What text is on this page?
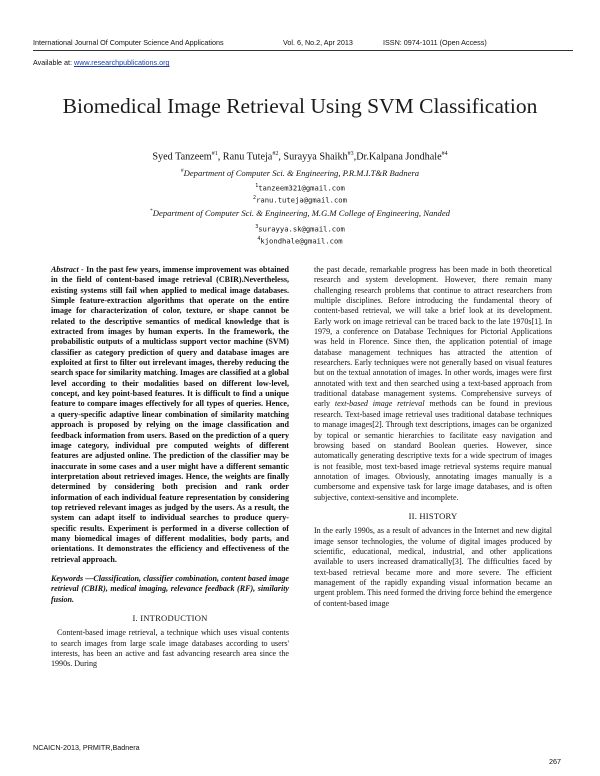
International Journal Of Computer Science And Applications	Vol. 6, No.2, Apr 2013	ISSN: 0974-1011 (Open Access)
Available at: www.researchpublications.org
Biomedical Image Retrieval Using SVM Classification
Syed Tanzeem$^{\#1}$, Ranu Tuteja$^{\#2}$, Surayya Shaikh$^{\#3}$,Dr.Kalpana Jondhale$^{\#4}$
#Department of Computer Sci. & Engineering, P.R.M.I.T&R Badnera
$^1$tanzeem321@gmail.com
$^2$ranu.tuteja@gmail.com
*Department of Computer Sci. & Engineering, M.G.M College of Engineering, Nanded
$^3$surayya.sk@gmail.com
$^4$kjondhale@gmail.com

Abstract - In the past few years, immense improvement was obtained in the field of content-based image retrieval (CBIR).Nevertheless, existing systems still fail when applied to medical image databases. Simple feature-extraction algorithms that operate on the entire image for characterization of color, texture, or shape cannot be related to the descriptive semantics of medical knowledge that is extracted from images by human experts. In the framework, the probabilistic outputs of a multiclass support vector machine (SVM) classifier as category prediction of query and database images are exploited at first to filter out irrelevant images, thereby reducing the search space for similarity matching. Images are classified at a global level according to their modalities based on different low-level, concept, and key point-based features. It is difficult to find a unique feature to compare images effectively for all types of queries. Hence, a query-specific adaptive linear combination of similarity matching approach is proposed by relying on the image classification and feedback information from users. Based on the prediction of a query image category, individual pre computed weights of different features are adjusted online. The prediction of the classifier may be inaccurate in some cases and a user might have a different semantic interpretation about retrieved images. Hence, the weights are finally determined by considering both precision and rank order information of each individual feature representation by considering top retrieved relevant images as judged by the users. As a result, the system can adapt itself to individual searches to produce query-specific results. Experiment is performed in a diverse collection of many biomedical images of different modalities, body parts, and orientations. It demonstrates the efficiency and effectiveness of the retrieval approach.

Keywords —Classification, classifier combination, content based image retrieval (CBIR), medical imaging, relevance feedback (RF), similarity fusion.

I. INTRODUCTION

Content-based image retrieval, a technique which uses visual contents to search images from large scale image databases according to users' interests, has been an active and fast advancing research area since the 1990s. During

the past decade, remarkable progress has been made in both theoretical research and system development. However, there remain many challenging research problems that continue to attract researchers from multiple disciplines. Before introducing the fundamental theory of content-based retrieval, we will take a brief look at its development. Early work on image retrieval can be traced back to the late 1970s[1]. In 1979, a conference on Database Techniques for Pictorial Applications was held in Florence. Since then, the application potential of image database management techniques has attracted the attention of researchers. Early techniques were not generally based on visual features but on the textual annotation of images. In other words, images were first annotated with text and then searched using a text-based approach from traditional database management systems. Comprehensive surveys of early text-based image retrieval methods can be found in previous research. Text-based image retrieval uses traditional database techniques to manage images[2]. Through text descriptions, images can be organized by topical or semantic hierarchies to facilitate easy navigation and browsing based on standard Boolean queries. However, since automatically generating descriptive texts for a wide spectrum of images is not feasible, most text-based image retrieval systems require manual annotation of images. Obviously, annotating images manually is a cumbersome and expensive task for large image databases, and is often subjective, context-sensitive and incomplete.

II. HISTORY

In the early 1990s, as a result of advances in the Internet and new digital image sensor technologies, the volume of digital images produced by scientific, educational, medical, industrial, and other applications available to users increased dramatically[3]. The difficulties faced by text-based retrieval became more and more severe. The efficient management of the rapidly expanding visual information became an urgent problem. This need formed the driving force behind the emergence of content-based image

NCAICN-2013, PRMITR,Badnera
267
